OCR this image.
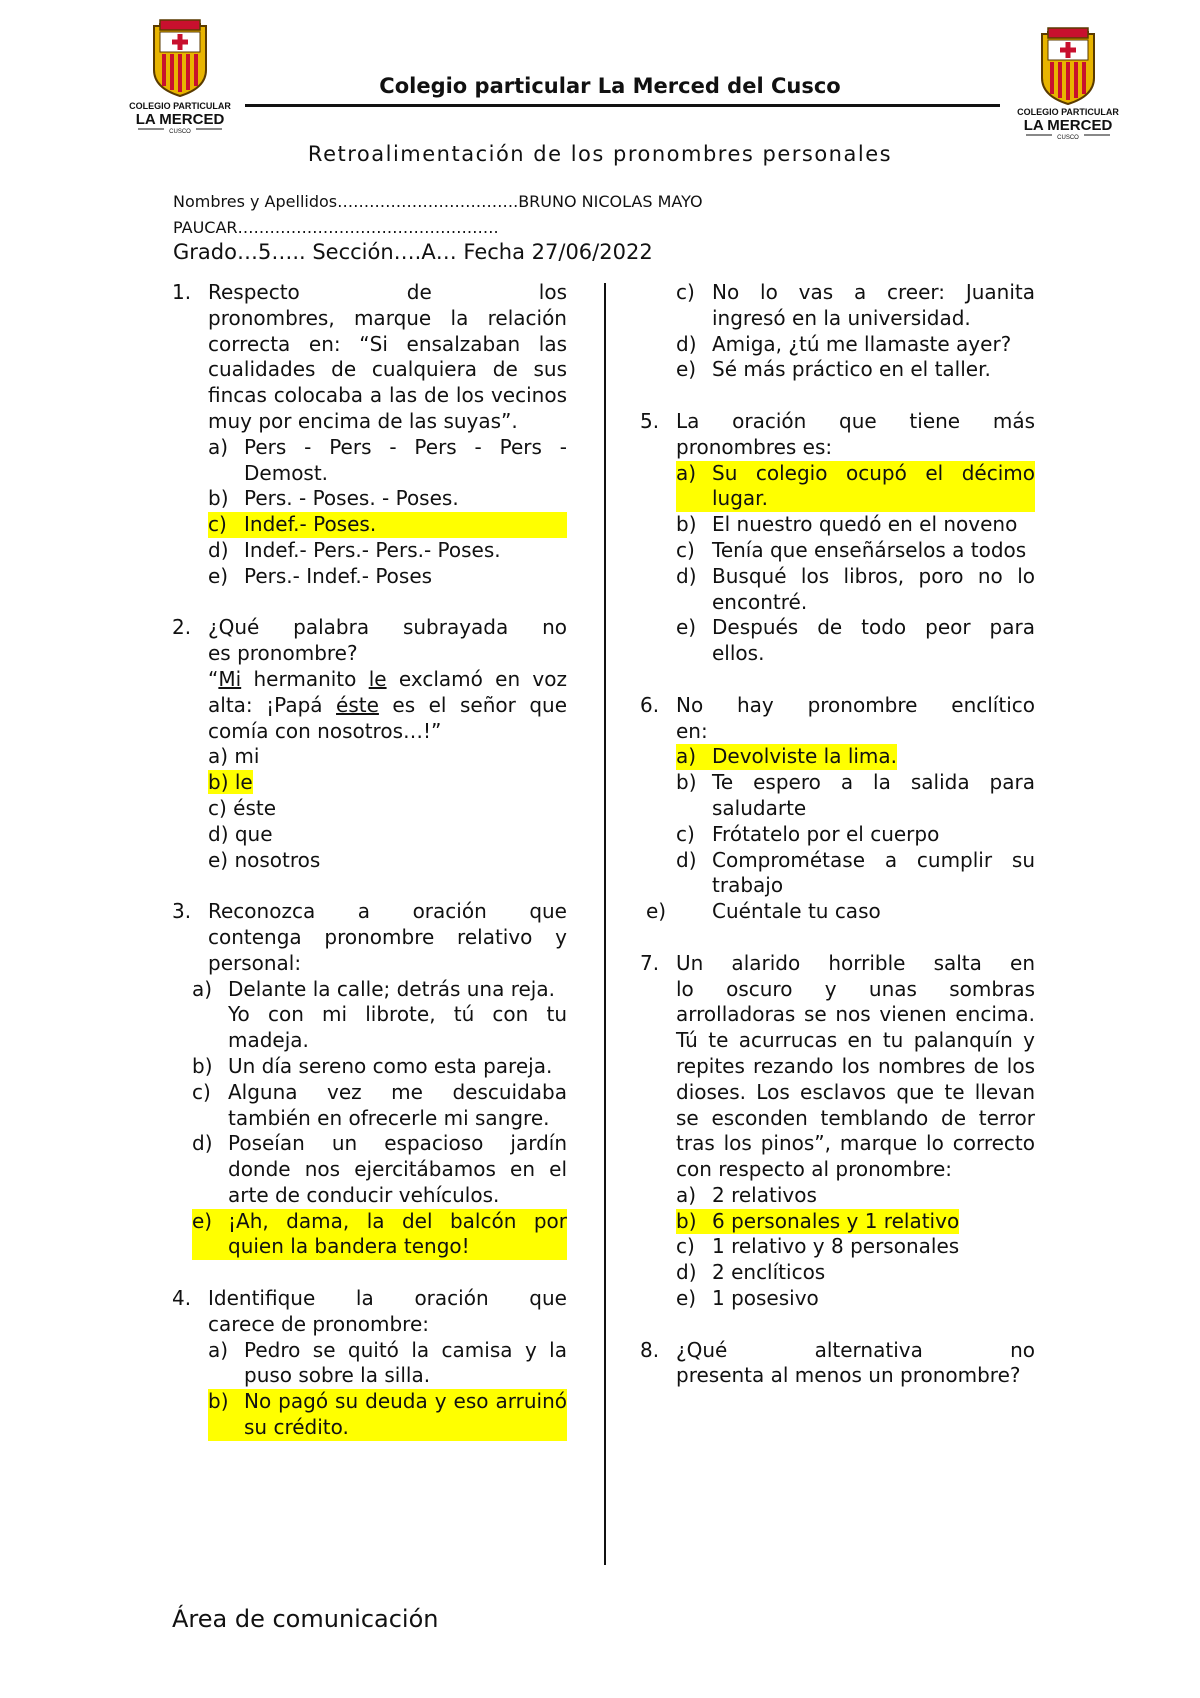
COLEGIO PARTICULAR
LA MERCED
CUSCO
COLEGIO PARTICULAR
LA MERCED
CUSCO
Colegio particular La Merced del Cusco
Retroalimentación de los pronombres personales
Nombres y Apellidos…………………………….BRUNO NICOLAS MAYO
PAUCAR………………………………………….
Grado…5….. Sección….A… Fecha 27/06/2022
1. Respecto de los
pronombres, marque la relación correcta en: “Si ensalzaban las cualidades de cualquiera de sus fincas colocaba a las de los vecinos muy por encima de las suyas”.
a) Pers - Pers - Pers - Pers - Demost.
b) Pers. - Poses. - Poses.
c) Indef.- Poses.
d) Indef.- Pers.- Pers.- Poses.
e) Pers.- Indef.- Poses
2. ¿Qué palabra subrayada no
es pronombre?
“Mi hermanito le exclamó en voz alta: ¡Papá éste es el señor que comía con nosotros…!”
a) mi
b) le
c) éste
d) que
e) nosotros
3. Reconozca a oración que
contenga pronombre relativo y personal:
a) Delante la calle; detrás una reja.
Yo con mi librote, tú con tu madeja.
b) Un día sereno como esta pareja.
c) Alguna vez me descuidaba también en ofrecerle mi sangre.
d) Poseían un espacioso jardín donde nos ejercitábamos en el arte de conducir vehículos.
e) ¡Ah, dama, la del balcón por quien la bandera tengo!
4. Identifique la oración que
carece de pronombre:
a) Pedro se quitó la camisa y la puso sobre la silla.
b) No pagó su deuda y eso arruinó su crédito.
c) No lo vas a creer: Juanita ingresó en la universidad.
d) Amiga, ¿tú me llamaste ayer?
e) Sé más práctico en el taller.
5. La oración que tiene más
pronombres es:
a) Su colegio ocupó el décimo lugar.
b) El nuestro quedó en el noveno
c) Tenía que enseñárselos a todos
d) Busqué los libros, poro no lo encontré.
e) Después de todo peor para ellos.
6. No hay pronombre enclítico
en:
a) Devolviste la lima.
b) Te espero a la salida para saludarte
c) Frótatelo por el cuerpo
d) Comprométase a cumplir su trabajo
e)	Cuéntale tu caso
7. Un alarido horrible salta en
lo oscuro y unas sombras arrolladoras se nos vienen encima. Tú te acurrucas en tu palanquín y repites rezando los nombres de los dioses. Los esclavos que te llevan se esconden temblando de terror tras los pinos”, marque lo correcto con respecto al pronombre:
a) 2 relativos
b) 6 personales y 1 relativo
c) 1 relativo y 8 personales
d) 2 enclíticos
e) 1 posesivo
8. ¿Qué alternativa no
presenta al menos un pronombre?
Área de comunicación
